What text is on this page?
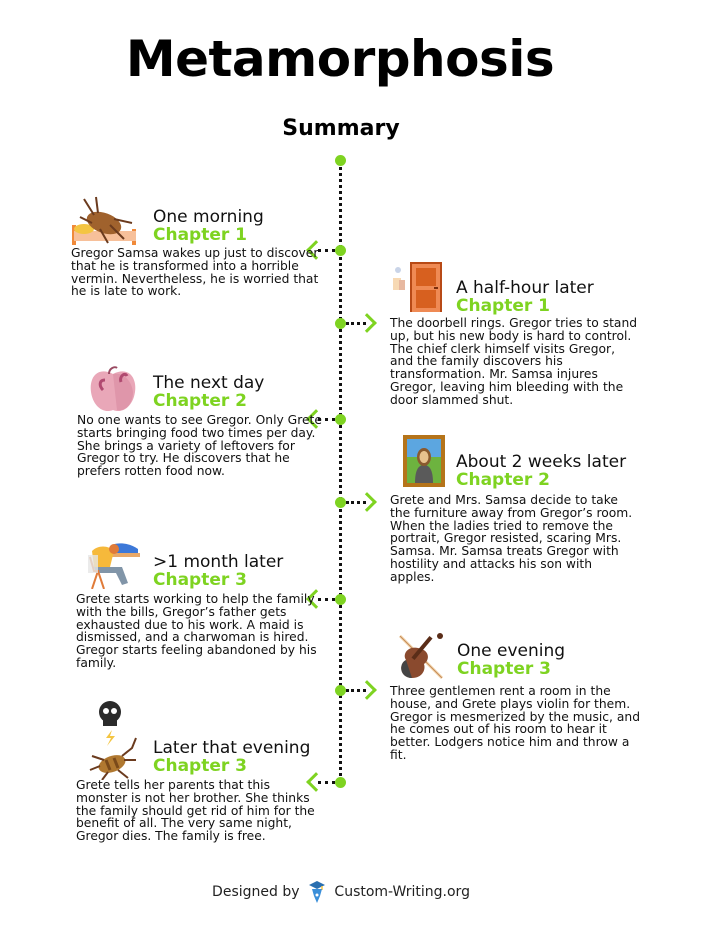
Metamorphosis
Summary
One morning
Chapter 1
Gregor Samsa wakes up just to discover that he is transformed into a horrible vermin. Nevertheless, he is worried that he is late to work.	A half-hour later
Chapter 1
The doorbell rings. Gregor tries to stand up, but his new body is hard to control. The chief clerk himself visits Gregor, and the family discovers his transformation. Mr. Samsa injures Gregor, leaving him bleeding with the door slammed shut.
The next day
Chapter 2
No one wants to see Gregor. Only Grete starts bringing food two times per day. She brings a variety of leftovers for Gregor to try. He discovers that he prefers rotten food now.	About 2 weeks later
Chapter 2
Grete and Mrs. Samsa decide to take the furniture away from Gregor’s room. When the ladies tried to remove the portrait, Gregor resisted, scaring Mrs. Samsa. Mr. Samsa treats Gregor with hostility and attacks his son with apples.
>1 month later
Chapter 3
Grete starts working to help the family with the bills, Gregor’s father gets exhausted due to his work. A maid is dismissed, and a charwoman is hired. Gregor starts feeling abandoned by his family.
One evening
Chapter 3
Three gentlemen rent a room in the house, and Grete plays violin for them. Gregor is mesmerized by the music, and he comes out of his room to hear it better. Lodgers notice him and throw a fit.
Later that evening
Chapter 3
Grete tells her parents that this monster is not her brother. She thinks the family should get rid of him for the benefit of all. The very same night, Gregor dies. The family is free.
Designed by Custom-Writing.org
